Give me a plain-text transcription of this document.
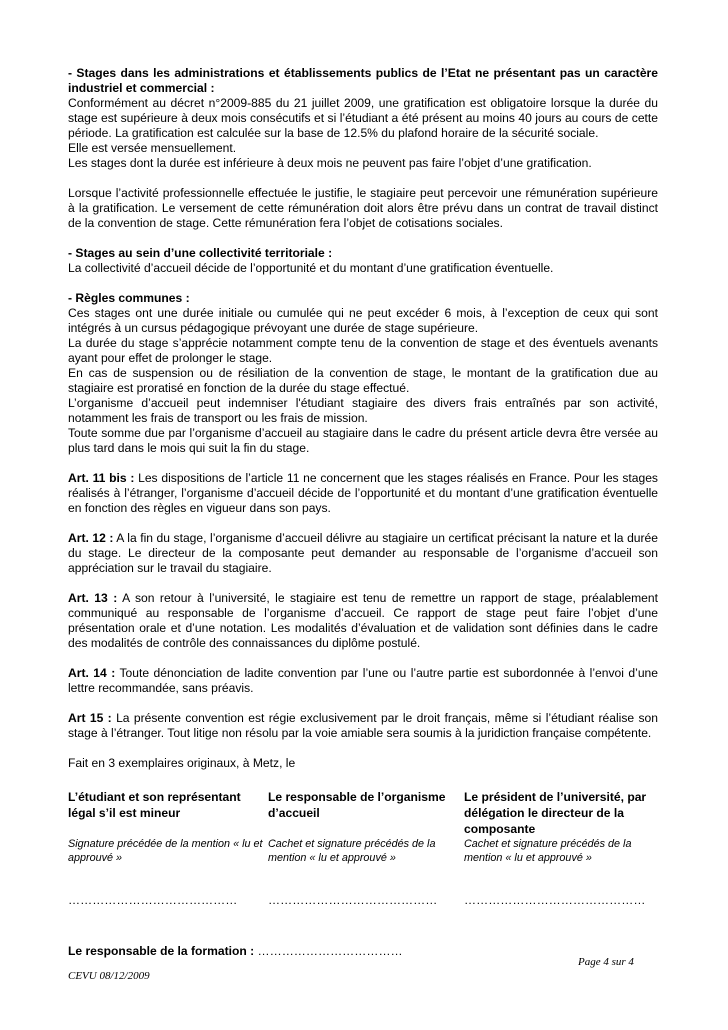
- Stages dans les administrations et établissements publics de l’Etat ne présentant pas un caractère industriel et commercial :
Conformément au décret n°2009-885 du 21 juillet 2009, une gratification est obligatoire lorsque la durée du stage est supérieure à deux mois consécutifs et si l’étudiant a été présent au moins 40 jours au cours de cette période. La gratification est calculée sur la base de 12.5% du plafond horaire de la sécurité sociale.
Elle est versée mensuellement.
Les stages dont la durée est inférieure à deux mois ne peuvent pas faire l’objet d’une gratification.
Lorsque l’activité professionnelle effectuée le justifie, le stagiaire peut percevoir une rémunération supérieure à la gratification. Le versement de cette rémunération doit alors être prévu dans un contrat de travail distinct de la convention de stage. Cette rémunération fera l’objet de cotisations sociales.
- Stages au sein d’une collectivité territoriale :
La collectivité d’accueil décide de l’opportunité et du montant d’une gratification éventuelle.
- Règles communes :
Ces stages ont une durée initiale ou cumulée qui ne peut excéder 6 mois, à l’exception de ceux qui sont intégrés à un cursus pédagogique prévoyant une durée de stage supérieure.
La durée du stage s’apprécie notamment compte tenu de la convention de stage et des éventuels avenants ayant pour effet de prolonger le stage.
En cas de suspension ou de résiliation de la convention de stage, le montant de la gratification due au stagiaire est proratisé en fonction de la durée du stage effectué.
L’organisme d’accueil peut indemniser l'étudiant stagiaire des divers frais entraînés par son activité, notamment les frais de transport ou les frais de mission.
Toute somme due par l’organisme d’accueil au stagiaire dans le cadre du présent article devra être versée au plus tard dans le mois qui suit la fin du stage.
Art. 11 bis : Les dispositions de l’article 11 ne concernent que les stages réalisés en France. Pour les stages réalisés à l’étranger, l’organisme d’accueil décide de l’opportunité et du montant d’une gratification éventuelle en fonction des règles en vigueur dans son pays.
Art. 12 : A la fin du stage, l’organisme d’accueil délivre au stagiaire un certificat précisant la nature et la durée du stage. Le directeur de la composante peut demander au responsable de l’organisme d’accueil son appréciation sur le travail du stagiaire.
Art. 13 : A son retour à l’université, le stagiaire est tenu de remettre un rapport de stage, préalablement communiqué au responsable de l’organisme d’accueil. Ce rapport de stage peut faire l’objet d’une présentation orale et d’une notation. Les modalités d’évaluation et de validation sont définies dans le cadre des modalités de contrôle des connaissances du diplôme postulé.
Art. 14 : Toute dénonciation de ladite convention par l’une ou l’autre partie est subordonnée à l’envoi d’une lettre recommandée, sans préavis.
Art 15 : La présente convention est régie exclusivement par le droit français, même si l’étudiant réalise son stage à l’étranger. Tout litige non résolu par la voie amiable sera soumis à la juridiction française compétente.
Fait en 3 exemplaires originaux, à Metz, le
L’étudiant et son représentant légal s’il est mineur
Signature précédée de la mention « lu et approuvé »
……………………………………
Le responsable de l’organisme d’accueil
Cachet et signature précédés de la mention « lu et approuvé »
……………………………………
Le président de l’université, par délégation le directeur de la composante
Cachet et signature précédés de la mention « lu et approuvé »
………………………………………
Le responsable de la formation : ………………………………
Page 4 sur 4
CEVU 08/12/2009
